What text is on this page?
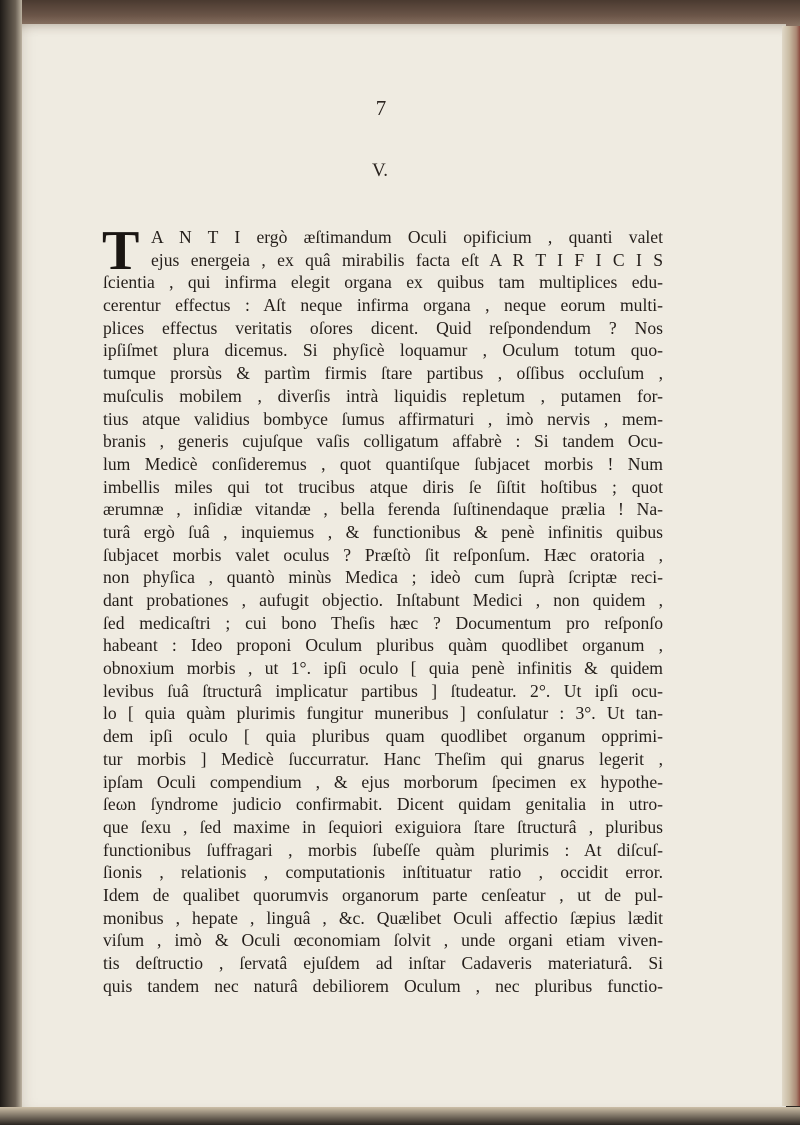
7
V.
T A N T I ergò æſtimandum Oculi opificium , quanti valet
ejus energeia , ex quâ mirabilis facta eſt A R T I F I C I S
ſcientia , qui infirma elegit organa ex quibus tam multiplices edu-
cerentur effectus : Aſt neque infirma organa , neque eorum multi-
plices effectus veritatis oſores dicent. Quid reſpondendum ? Nos
ipſiſmet plura dicemus. Si phyſicè loquamur , Oculum totum quo-
tumque prorsùs & partìm firmis ſtare partibus , oſſibus occluſum ,
muſculis mobilem , diverſis intrà liquidis repletum , putamen for-
tius atque validius bombyce ſumus affirmaturi , imò nervis , mem-
branis , generis cujuſque vaſis colligatum affabrè : Si tandem Ocu-
lum Medicè conſideremus , quot quantiſque ſubjacet morbis ! Num
imbellis miles qui tot trucibus atque diris ſe ſiſtit hoſtibus ; quot
ærumnæ , inſidiæ vitandæ , bella ferenda ſuſtinendaque prælia ! Na-
turâ ergò ſuâ , inquiemus , & functionibus & penè infinitis quibus
ſubjacet morbis valet oculus ? Præſtò ſit reſponſum. Hæc oratoria ,
non phyſica , quantò minùs Medica ; ideò cum ſuprà ſcriptæ reci-
dant probationes , aufugit objectio. Inſtabunt Medici , non quidem ,
ſed medicaſtri ; cui bono Theſis hæc ? Documentum pro reſponſo
habeant : Ideo proponi Oculum pluribus quàm quodlibet organum ,
obnoxium morbis , ut 1°. ipſi oculo [ quia penè infinitis & quidem
levibus ſuâ ſtructurâ implicatur partibus ] ſtudeatur. 2°. Ut ipſi ocu-
lo [ quia quàm plurimis fungitur muneribus ] conſulatur : 3°. Ut tan-
dem ipſi oculo [ quia pluribus quam quodlibet organum opprimi-
tur morbis ] Medicè ſuccurratur. Hanc Theſim qui gnarus legerit ,
ipſam Oculi compendium , & ejus morborum ſpecimen ex hypothe-
ſeωn ſyndrome judicio confirmabit. Dicent quidam genitalia in utro-
que ſexu , ſed maxime in ſequiori exiguiora ſtare ſtructurâ , pluribus
functionibus ſuffragari , morbis ſubeſſe quàm plurimis : At diſcuſ-
ſionis , relationis , computationis inſtituatur ratio , occidit error.
Idem de qualibet quorumvis organorum parte cenſeatur , ut de pul-
monibus , hepate , linguâ , &c. Quælibet Oculi affectio ſæpius lædit
viſum , imò & Oculi œconomiam ſolvit , unde organi etiam viven-
tis deſtructio , ſervatâ ejuſdem ad inſtar Cadaveris materiaturâ. Si
quis tandem nec naturâ debiliorem Oculum , nec pluribus functio-
